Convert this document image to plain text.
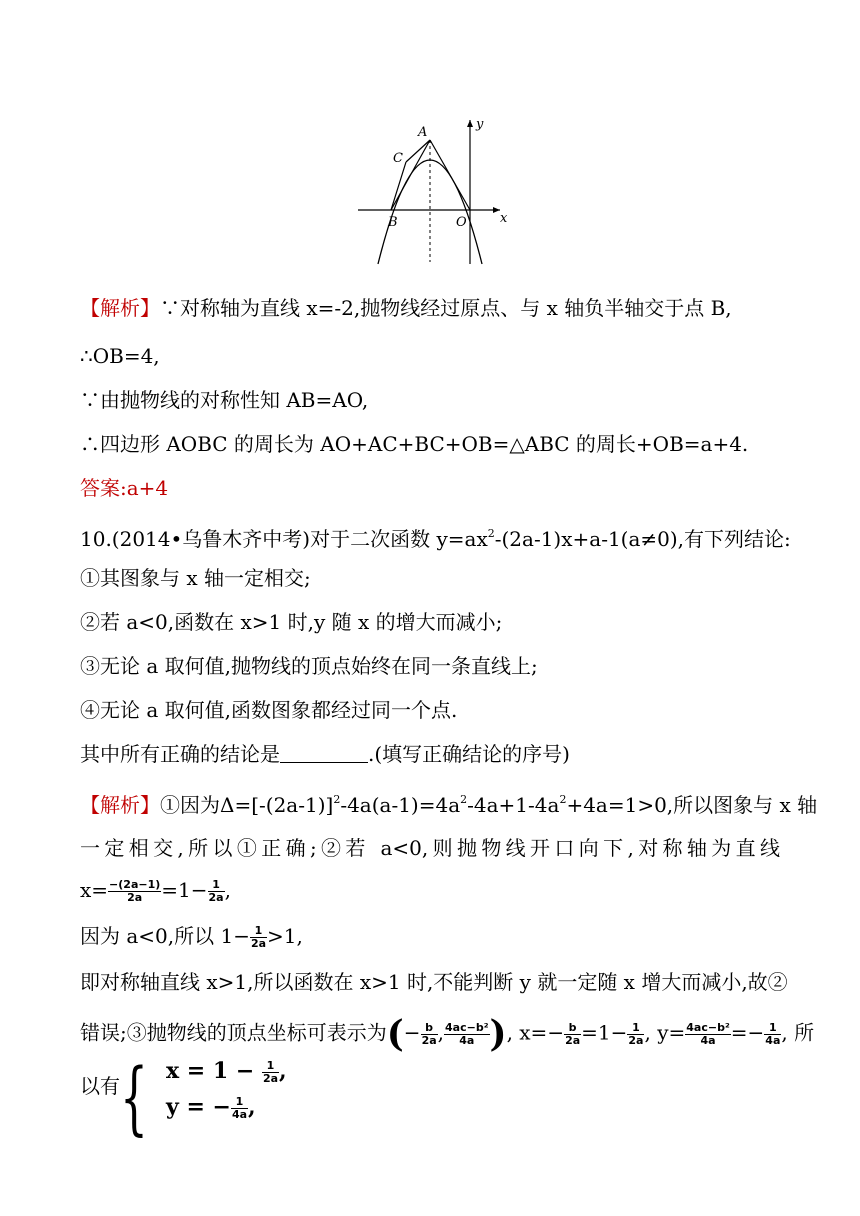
A
C
B	O	x
y
【解析】∵对称轴为直线 x=-2,抛物线经过原点、与 x 轴负半轴交于点 B,
∴OB=4,
∵由抛物线的对称性知 AB=AO,
∴四边形 AOBC 的周长为 AO+AC+BC+OB=△ABC 的周长+OB=a+4.
答案:a+4
10.(2014•乌鲁木齐中考)对于二次函数 $y=ax^2-(2a-1)x+a-1(a\ne 0)$,有下列结论:
①其图象与 x 轴一定相交;
②若 a<0,函数在 x>1 时,y 随 x 的增大而减小;
③无论 a 取何值,抛物线的顶点始终在同一条直线上;
④无论 a 取何值,函数图象都经过同一个点.
其中所有正确的结论是	.(填写正确结论的序号)
【解析】①因为$\Delta=[-(2a-1)]^2-4a(a-1)=4a^2-4a+1-4a^2+4a=1>0$,所以图象与 x 轴
一定相交,所以①正确;②若 a<0,则抛物线开口向下,对称轴为直线
$x= \frac{-(2a-1)}{2a} =1- \frac{1}{2a}$ ,
因为 a<0,所以 $1- \frac{1}{2a} >1$,
即对称轴直线 x>1,所以函数在 x>1 时,不能判断 y 就一定随 x 增大而减小,故②
错误;③抛物线的顶点坐标可表示为(− $\frac{b}{2a}$ , $\frac{\text{4ac−b²}}{4a}$ ), $x=- \frac{b}{2a} =1- \frac{1}{2a}$ , $y= \frac{\text{4ac−b²}}{4a} =- \frac{1}{4a}$ , 所
以有 { $x = 1 - \frac{1}{2a}$ ,
y = − $\frac{1}{4a}$ ,
